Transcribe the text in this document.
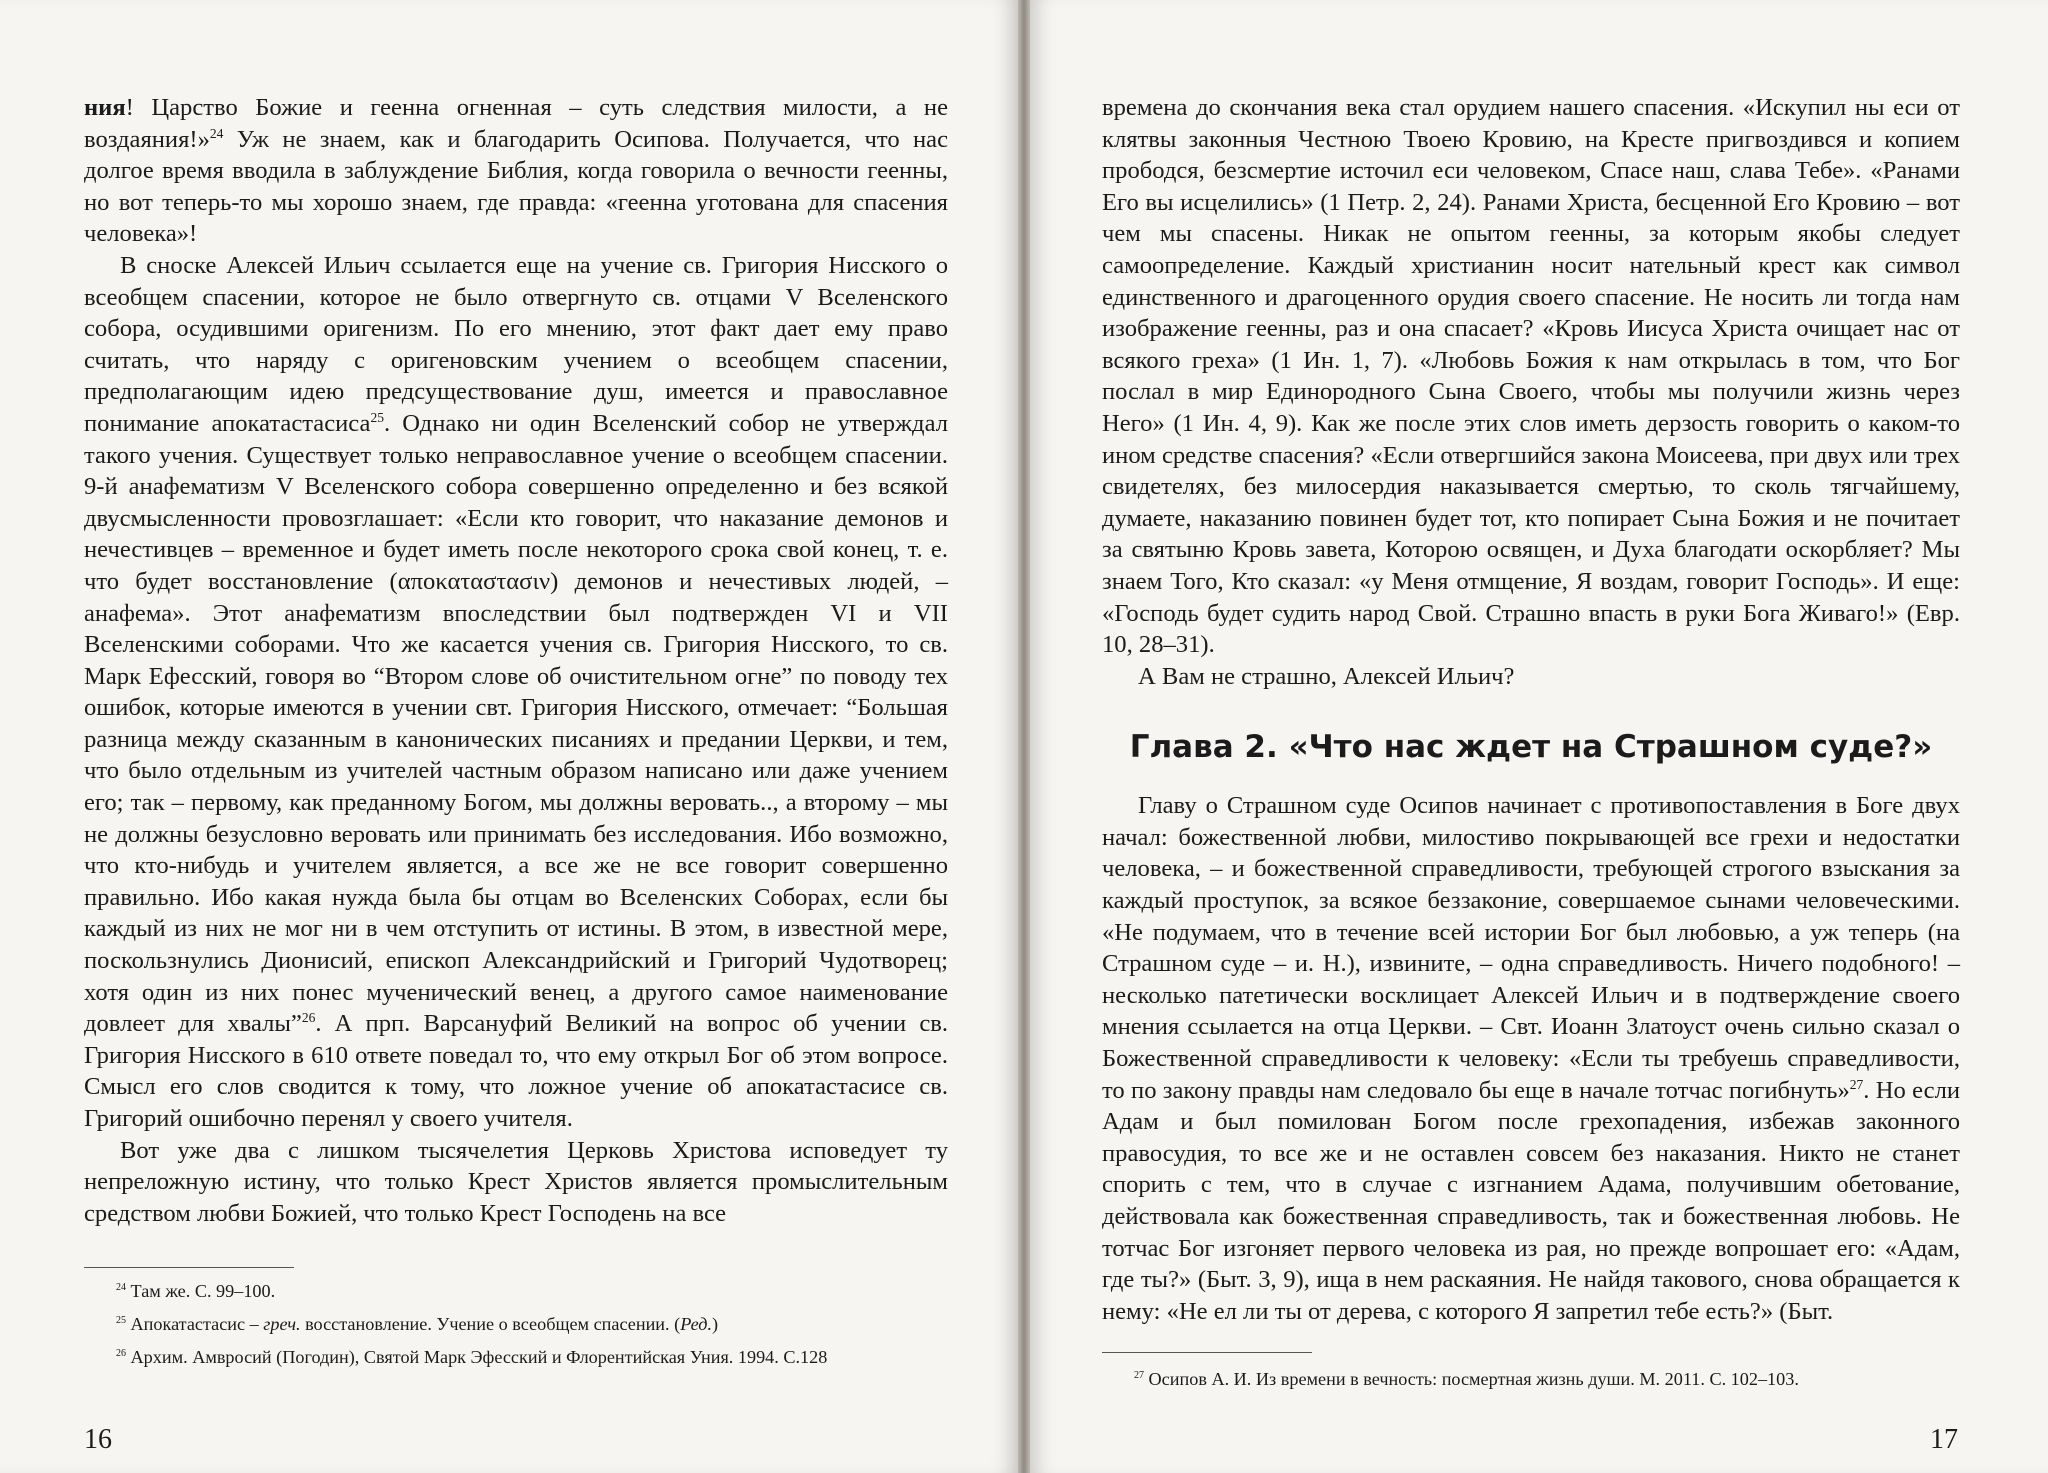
ния! Царство Божие и геенна огненная – суть следствия милости, а не воздаяния!»$^{24}$ Уж не знаем, как и благодарить Осипова. Получается, что нас долгое время вводила в заблуждение Библия, когда говорила о вечности геенны, но вот теперь-то мы хорошо знаем, где правда: «геенна уготована для спасения человека»!

В сноске Алексей Ильич ссылается еще на учение св. Григория Нисского о всеобщем спасении, которое не было отвергнуто св. отцами V Вселенского собора, осудившими оригенизм. По его мнению, этот факт дает ему право считать, что наряду с оригеновским учением о всеобщем спасении, предполагающим идею предсуществование душ, имеется и православное понимание апокатастасиса$^{25}$. Однако ни один Вселенский собор не утверждал такого учения. Существует только неправославное учение о всеобщем спасении. 9-й анафематизм V Вселенского собора совершенно определенно и без всякой двусмысленности провозглашает: «Если кто говорит, что наказание демонов и нечестивцев – временное и будет иметь после некоторого срока свой конец, т. е. что будет восстановление (αποκαταστασιν) демонов и нечестивых людей, – анафема». Этот анафематизм впоследствии был подтвержден VI и VII Вселенскими соборами. Что же касается учения св. Григория Нисского, то св. Марк Ефесский, говоря во “Втором слове об очистительном огне” по поводу тех ошибок, которые имеются в учении свт. Григория Нисского, отмечает: “Большая разница между сказанным в канонических писаниях и предании Церкви, и тем, что было отдельным из учителей частным образом написано или даже учением его; так – первому, как преданному Богом, мы должны веровать.., а второму – мы не должны безусловно веровать или принимать без исследования. Ибо возможно, что кто-нибудь и учителем является, а все же не все говорит совершенно правильно. Ибо какая нужда была бы отцам во Вселенских Соборах, если бы каждый из них не мог ни в чем отступить от истины. В этом, в известной мере, поскользнулись Дионисий, епископ Александрийский и Григорий Чудотворец; хотя один из них понес мученический венец, а другого самое наименование довлеет для хвалы”$^{26}$. А прп. Варсануфий Великий на вопрос об учении св. Григория Нисского в 610 ответе поведал то, что ему открыл Бог об этом вопросе. Смысл его слов сводится к тому, что ложное учение об апокатастасисе св. Григорий ошибочно перенял у своего учителя.

Вот уже два с лишком тысячелетия Церковь Христова исповедует ту непреложную истину, что только Крест Христов является промыслительным средством любви Божией, что только Крест Господень на все

$^{24}$ Там же. С. 99–100.

$^{25}$ Апокатастасис – греч. восстановление. Учение о всеобщем спасении. (Ред.)

$^{26}$ Архим. Амвросий (Погодин), Святой Марк Эфесский и Флорентийская Уния. 1994. С.128

16

времена до скончания века стал орудием нашего спасения. «Искупил ны еси от клятвы законныя Честною Твоею Кровию, на Кресте пригвоздився и копием прободся, безсмертие источил еси человеком, Спасе наш, слава Тебе». «Ранами Его вы исцелились» (1 Петр. 2, 24). Ранами Христа, бесценной Его Кровию – вот чем мы спасены. Никак не опытом геенны, за которым якобы следует самоопределение. Каждый христианин носит нательный крест как символ единственного и драгоценного орудия своего спасение. Не носить ли тогда нам изображение геенны, раз и она спасает? «Кровь Иисуса Христа очищает нас от всякого греха» (1 Ин. 1, 7). «Любовь Божия к нам открылась в том, что Бог послал в мир Единородного Сына Своего, чтобы мы получили жизнь через Него» (1 Ин. 4, 9). Как же после этих слов иметь дерзость говорить о каком-то ином средстве спасения? «Если отвергшийся закона Моисеева, при двух или трех свидетелях, без милосердия наказывается смертью, то сколь тягчайшему, думаете, наказанию повинен будет тот, кто попирает Сына Божия и не почитает за святыню Кровь завета, Которою освящен, и Духа благодати оскорбляет? Мы знаем Того, Кто сказал: «у Меня отмщение, Я воздам, говорит Господь». И еще: «Господь будет судить народ Свой. Страшно впасть в руки Бога Живаго!» (Евр. 10, 28–31).

А Вам не страшно, Алексей Ильич?

Глава 2. «Что нас ждет на Страшном суде?»

Главу о Страшном суде Осипов начинает с противопоставления в Боге двух начал: божественной любви, милостиво покрывающей все грехи и недостатки человека, – и божественной справедливости, требующей строгого взыскания за каждый проступок, за всякое беззаконие, совершаемое сынами человеческими. «Не подумаем, что в течение всей истории Бог был любовью, а уж теперь (на Страшном суде – и. Н.), извините, – одна справедливость. Ничего подобного! – несколько патетически восклицает Алексей Ильич и в подтверждение своего мнения ссылается на отца Церкви. – Свт. Иоанн Златоуст очень сильно сказал о Божественной справедливости к человеку: «Если ты требуешь справедливости, то по закону правды нам следовало бы еще в начале тотчас погибнуть»$^{27}$. Но если Адам и был помилован Богом после грехопадения, избежав законного правосудия, то все же и не оставлен совсем без наказания. Никто не станет спорить с тем, что в случае с изгнанием Адама, получившим обетование, действовала как божественная справедливость, так и божественная любовь. Не тотчас Бог изгоняет первого человека из рая, но прежде вопрошает его: «Адам, где ты?» (Быт. 3, 9), ища в нем раскаяния. Не найдя такового, снова обращается к нему: «Не ел ли ты от дерева, с которого Я запретил тебе есть?» (Быт.

$^{27}$ Осипов А. И. Из времени в вечность: посмертная жизнь души. М. 2011. С. 102–103.

17
